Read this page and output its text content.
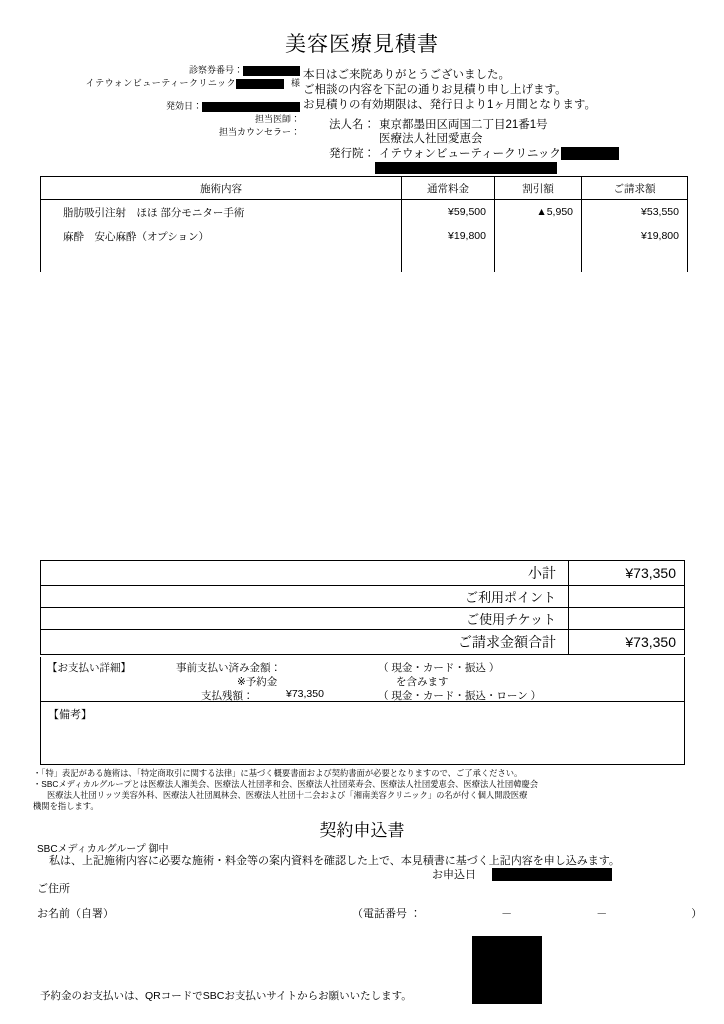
美容医療見積書
診察券番号：
イテウォンビューティークリニック	様
発効日：
担当医師：
担当カウンセラー：
本日はご来院ありがとうございました。
ご相談の内容を下記の通りお見積り申し上げます。
お見積りの有効期限は、発行日より1ヶ月間となります。
法人名： 東京都墨田区両国二丁目21番1号
医療法人社団愛恵会
発行院： イテウォンビューティークリニック
施術内容	通常料金	割引額	ご請求額
脂肪吸引注射　ほほ 部分モニター手術	¥59,500	▲5,950	¥53,550
麻酔　安心麻酔（オプション）	¥19,800		¥19,800

小計	¥73,350
ご利用ポイント	
ご使用チケット	
ご請求金額合計	¥73,350
【お支払い詳細】	事前支払い済み金額：	（ 現金・カード・振込 ）
※予約金	を含みます
支払残額：	¥73,350	（ 現金・カード・振込・ローン ）
【備考】
・「特」表記がある施術は、「特定商取引に関する法律」に基づく概要書面および契約書面が必要となりますので、ご了承ください。
・SBCメディカルグループとは医療法人湘美会、医療法人社団孝和会、医療法人社団菜寿会、医療法人社団愛恵会、医療法人社団韓慶会
医療法人社団リッツ美容外科、医療法人社団風林会、医療法人社団十二会および「湘南美容クリニック」の名が付く個人開設医療
機関を指します。
契約申込書
SBCメディカルグループ 御中
私は、上記施術内容に必要な施術・料金等の案内資料を確認した上で、本見積書に基づく上記内容を申し込みます。
お申込日
ご住所
お名前（自署）	（電話番号 ：	－	－	）
予約金のお支払いは、QRコードでSBCお支払いサイトからお願いいたします。
